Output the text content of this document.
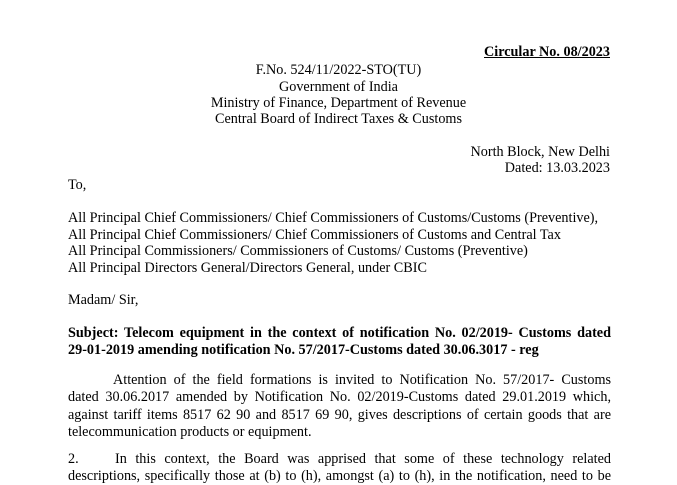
Circular No. 08/2023
F.No. 524/11/2022-STO(TU)
Government of India
Ministry of Finance, Department of Revenue
Central Board of Indirect Taxes & Customs
North Block, New Delhi
Dated: 13.03.2023
To,
All Principal Chief Commissioners/ Chief Commissioners of Customs/Customs (Preventive),
All Principal Chief Commissioners/ Chief Commissioners of Customs and Central Tax
All Principal Commissioners/ Commissioners of Customs/ Customs (Preventive)
All Principal Directors General/Directors General, under CBIC
Madam/ Sir,
Subject: Telecom equipment in the context of notification No. 02/2019- Customs dated
29-01-2019 amending notification No. 57/2017-Customs dated 30.06.3017 - reg
Attention of the field formations is invited to Notification No. 57/2017- Customs
dated 30.06.2017 amended by Notification No. 02/2019-Customs dated 29.01.2019 which,
against tariff items 8517 62 90 and 8517 69 90, gives descriptions of certain goods that are
telecommunication products or equipment.
2.	In this context, the Board was apprised that some of these technology related
descriptions, specifically those at (b) to (h), amongst (a) to (h), in the notification, need to be
